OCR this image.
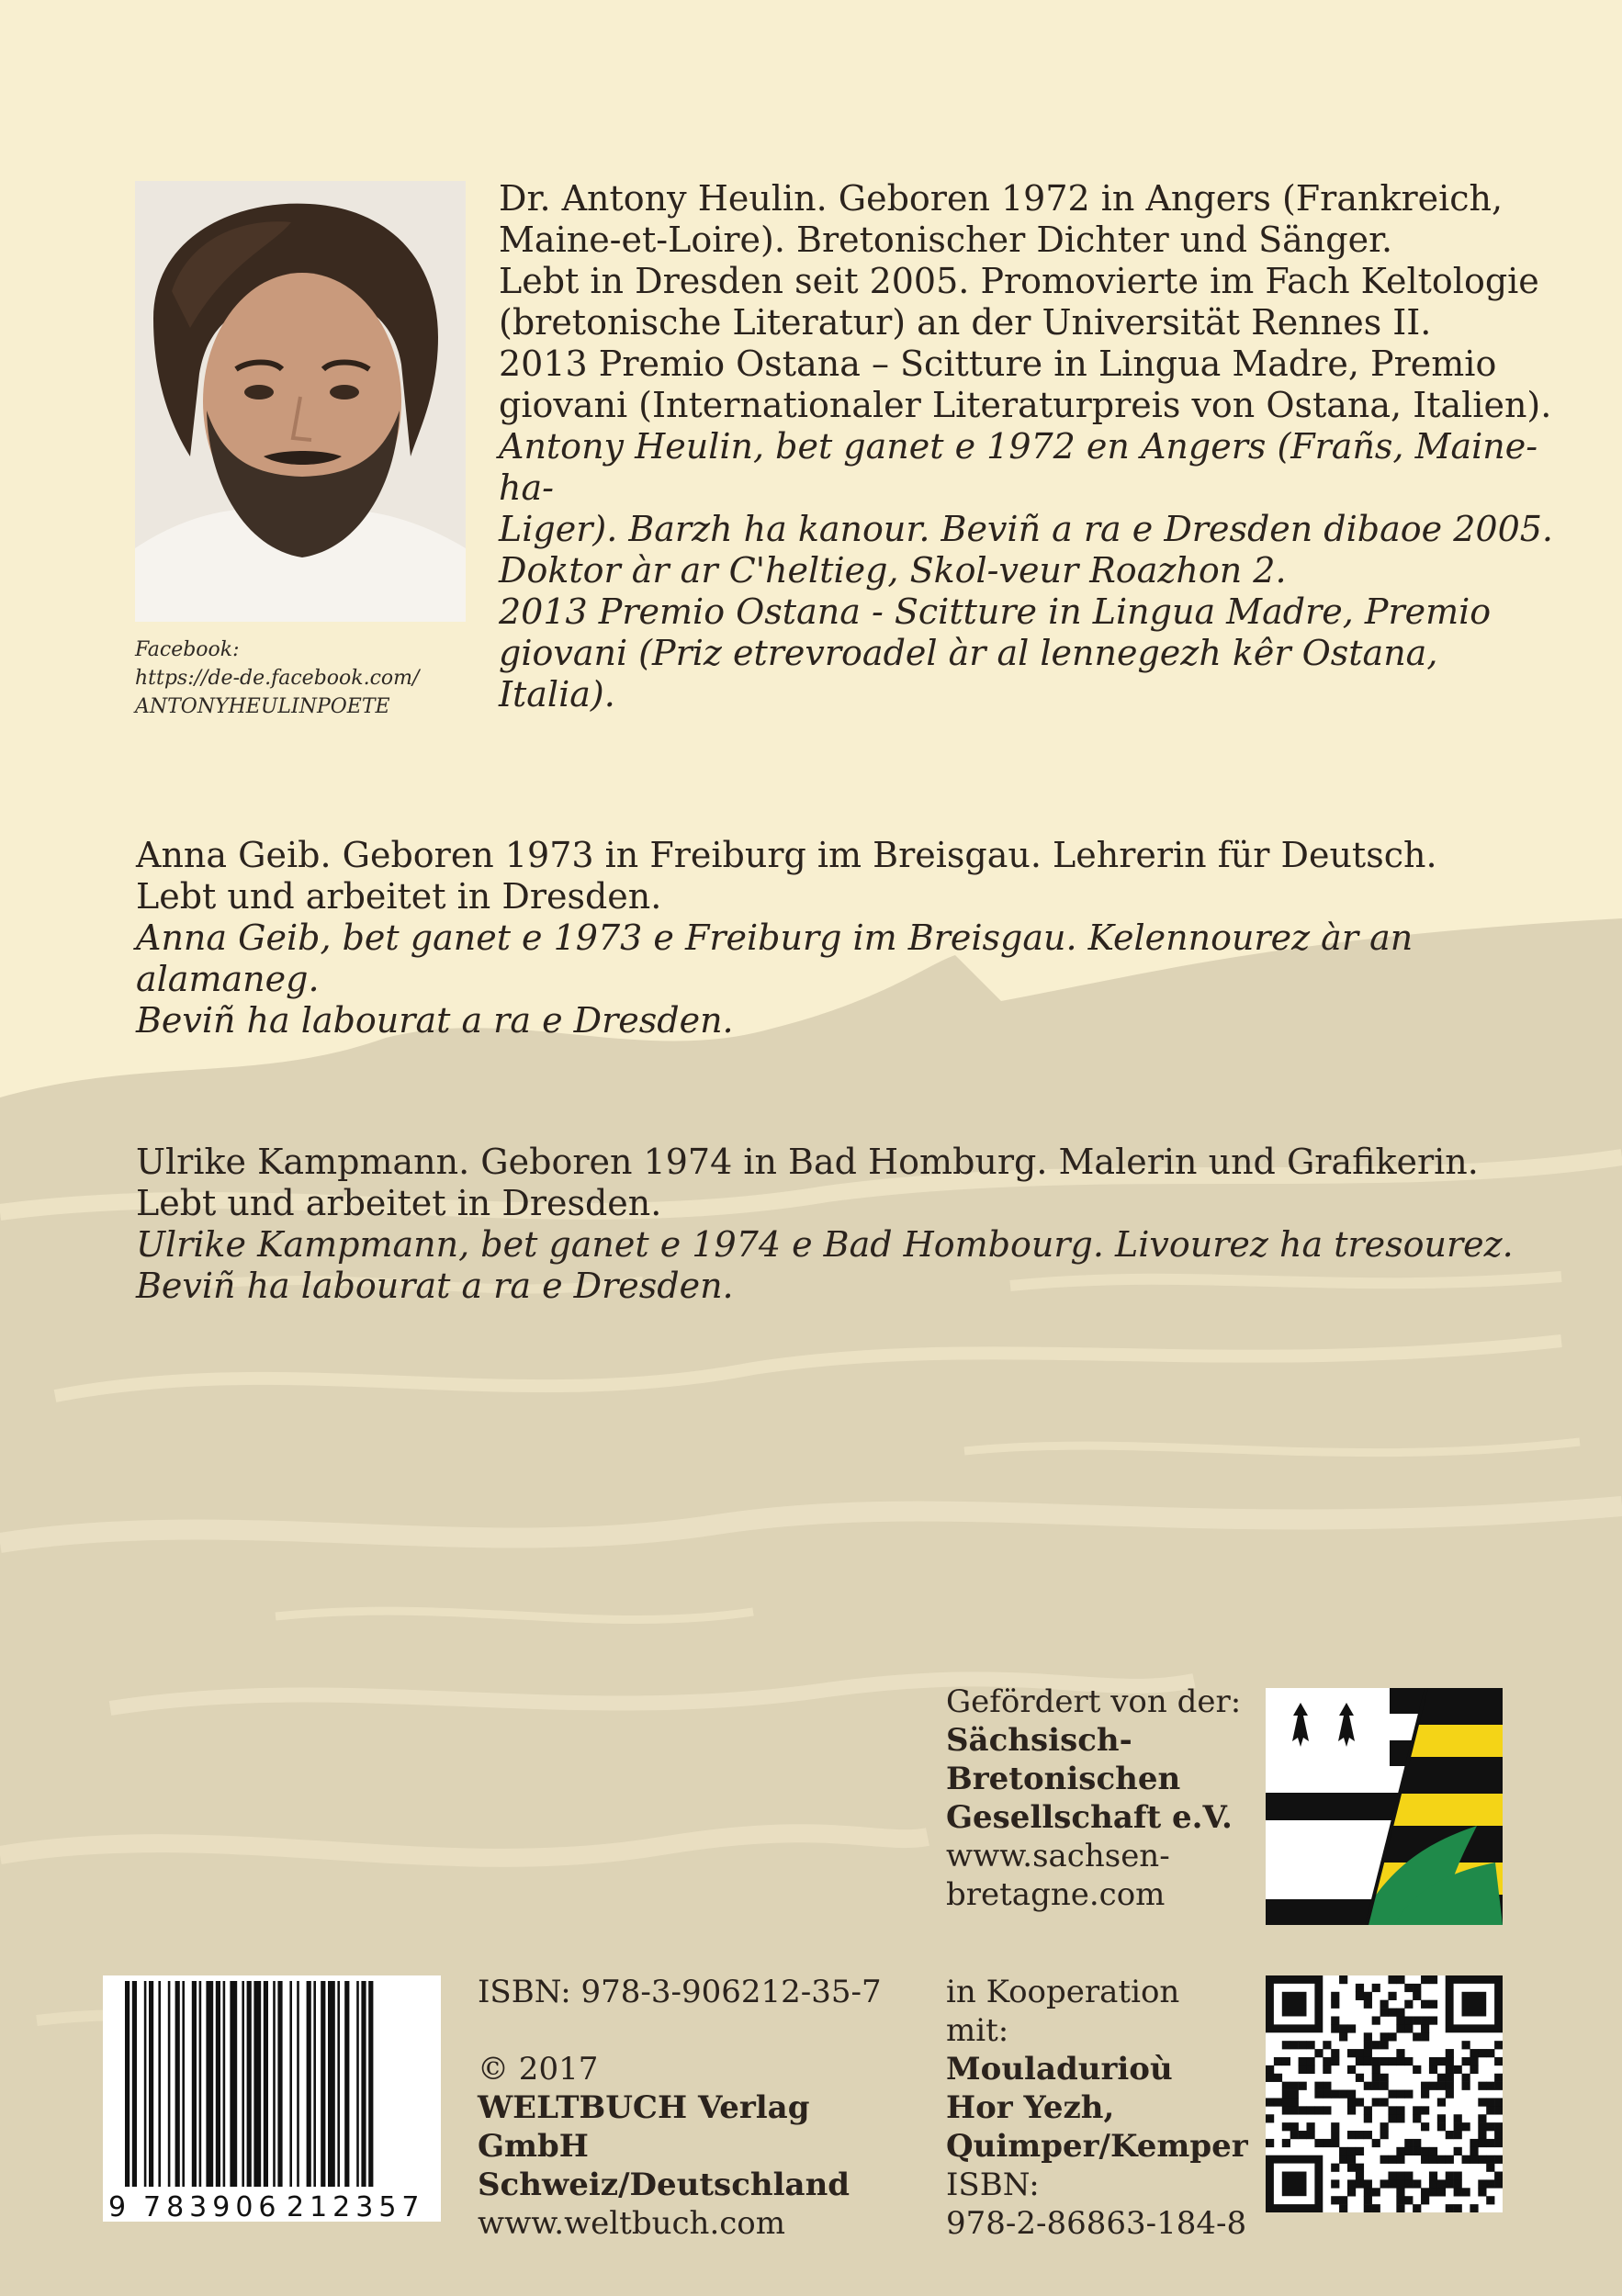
Facebook:
https://de-de.facebook.com/
ANTONYHEULINPOETE

Dr. Antony Heulin. Geboren 1972 in Angers (Frankreich,

Maine-et-Loire). Bretonischer Dichter und Sänger.

Lebt in Dresden seit 2005. Promovierte im Fach Keltologie

(bretonische Literatur) an der Universität Rennes II.

2013 Premio Ostana – Scitture in Lingua Madre, Premio

giovani (Internationaler Literaturpreis von Ostana, Italien).

Antony Heulin, bet ganet e 1972 en Angers (Frañs, Maine-ha-

Liger). Barzh ha kanour. Beviñ a ra e Dresden dibaoe 2005.

Doktor àr ar C'heltieg, Skol-veur Roazhon 2.

2013 Premio Ostana - Scitture in Lingua Madre, Premio

giovani (Priz etrevroadel àr al lennegezh kêr Ostana, Italia).

Anna Geib. Geboren 1973 in Freiburg im Breisgau. Lehrerin für Deutsch.

Lebt und arbeitet in Dresden.

Anna Geib, bet ganet e 1973 e Freiburg im Breisgau. Kelennourez àr an alamaneg.

Beviñ ha labourat a ra e Dresden.

Ulrike Kampmann. Geboren 1974 in Bad Homburg. Malerin und Grafikerin.

Lebt und arbeitet in Dresden.

Ulrike Kampmann, bet ganet e 1974 e Bad Hombourg. Livourez ha tresourez.

Beviñ ha labourat a ra e Dresden.

Gefördert von der:
Sächsisch-
Bretonischen
Gesellschaft e.V.
www.sachsen-
bretagne.com
ISBN: 978-3-906212-35-7
© 2017
WELTBUCH Verlag GmbH
Schweiz/Deutschland
www.weltbuch.com
in Kooperation mit:
Mouladurioù
Hor Yezh,
Quimper/Kemper
ISBN:
978-2-86863-184-8
9 783906 212357
